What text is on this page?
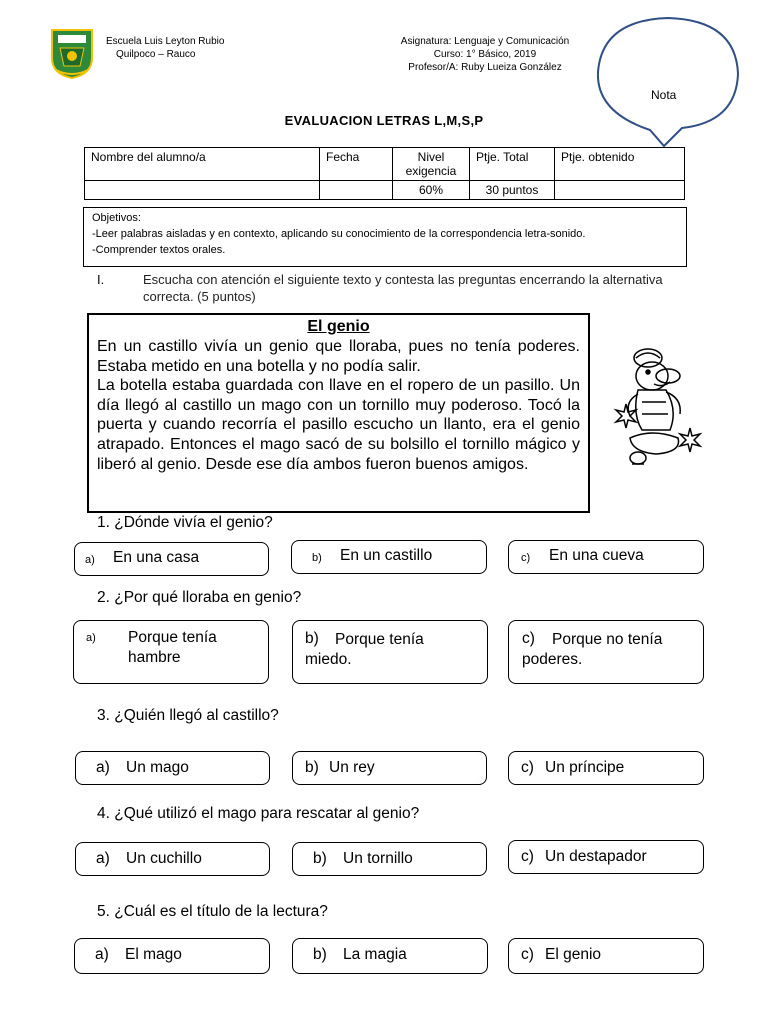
Escuela Luis Leyton Rubio
Quilpoco – Rauco
Asignatura: Lenguaje y Comunicación
Curso: 1° Básico, 2019
Profesor/A: Ruby Lueiza González
Nota
EVALUACION LETRAS L,M,S,P
Nombre del alumno/a	Fecha	Nivel exigencia	Ptje. Total	Ptje. obtenido
		60%	30 puntos	
Objetivos:
-Leer palabras aisladas y en contexto, aplicando su conocimiento de la correspondencia letra-sonido.
-Comprender textos orales.
I.	Escucha con atención el siguiente texto y contesta las preguntas encerrando la alternativa correcta. (5 puntos)
El genio

En un castillo vivía un genio que lloraba, pues no tenía poderes. Estaba metido en una botella y no podía salir.

La botella estaba guardada con llave en el ropero de un pasillo. Un día llegó al castillo un mago con un tornillo muy poderoso. Tocó la puerta y cuando recorría el pasillo escucho un llanto, era el genio atrapado. Entonces el mago sacó de su bolsillo el tornillo mágico y liberó al genio. Desde ese día ambos fueron buenos amigos.

1. ¿Dónde vivía el genio?
a) En una casa	b) En un castillo	c) En una cueva
2. ¿Por qué lloraba en genio?
a) Porque tenía hambre
b)	Porque tenía miedo.
c)	Porque no tenía poderes.
3. ¿Quién llegó al castillo?
a) Un mago	b) Un rey	c) Un príncipe
4. ¿Qué utilizó el mago para rescatar al genio?
a) Un cuchillo	b) Un tornillo	c) Un destapador
5. ¿Cuál es el título de la lectura?
a) El mago	b) La magia	c) El genio
